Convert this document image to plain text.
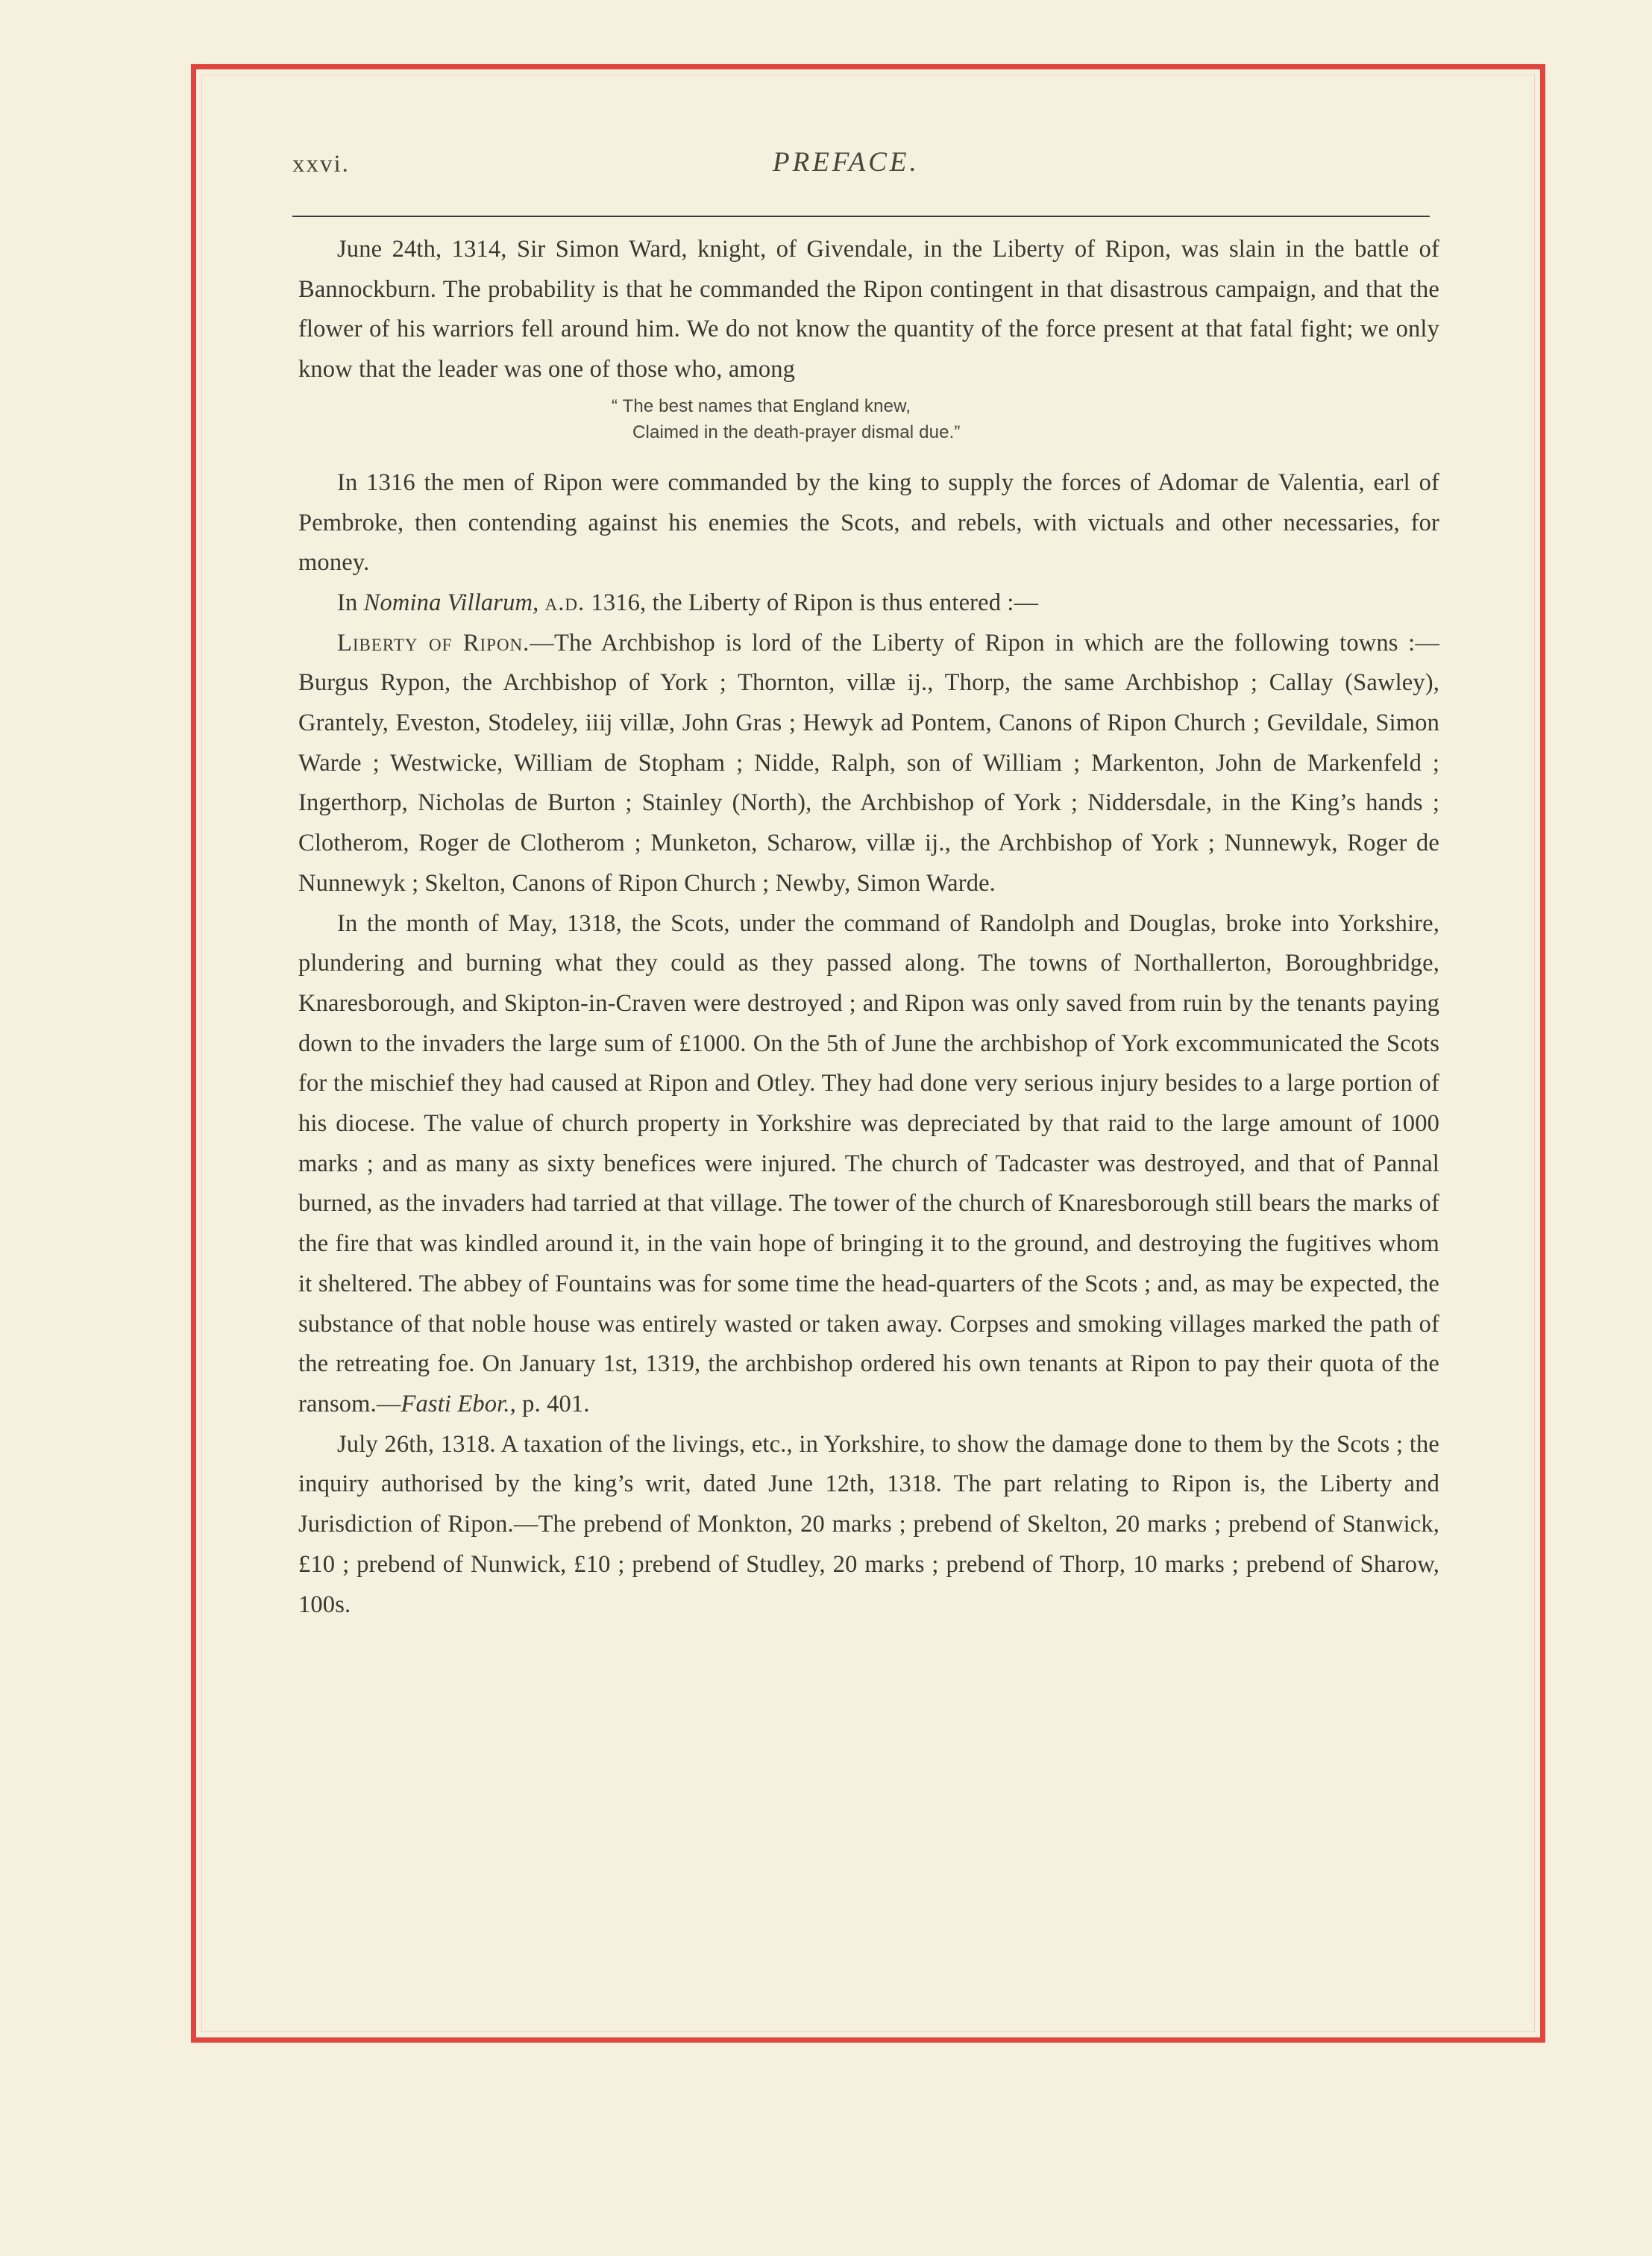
xxvi.	PREFACE.

June 24th, 1314, Sir Simon Ward, knight, of Givendale, in the Liberty of Ripon, was slain in the battle of Bannockburn. The probability is that he commanded the Ripon contingent in that disastrous campaign, and that the flower of his warriors fell around him. We do not know the quantity of the force present at that fatal fight; we only know that the leader was one of those who, among

“ The best names that England knew,
Claimed in the death-prayer dismal due.”

In 1316 the men of Ripon were commanded by the king to supply the forces of Adomar de Valentia, earl of Pembroke, then contending against his enemies the Scots, and rebels, with victuals and other necessaries, for money.

In Nomina Villarum, a.d. 1316, the Liberty of Ripon is thus entered :—

Liberty of Ripon.—The Archbishop is lord of the Liberty of Ripon in which are the following towns :—Burgus Rypon, the Archbishop of York ; Thornton, villæ ij., Thorp, the same Archbishop ; Callay (Sawley), Grantely, Eveston, Stodeley, iiij villæ, John Gras ; Hewyk ad Pontem, Canons of Ripon Church ; Gevildale, Simon Warde ; Westwicke, William de Stopham ; Nidde, Ralph, son of William ; Markenton, John de Markenfeld ; Ingerthorp, Nicholas de Burton ; Stainley (North), the Archbishop of York ; Niddersdale, in the King’s hands ; Clotherom, Roger de Clotherom ; Munketon, Scharow, villæ ij., the Archbishop of York ; Nunnewyk, Roger de Nunnewyk ; Skelton, Canons of Ripon Church ; Newby, Simon Warde.

In the month of May, 1318, the Scots, under the command of Randolph and Douglas, broke into Yorkshire, plundering and burning what they could as they passed along. The towns of Northallerton, Boroughbridge, Knaresborough, and Skipton-in-Craven were destroyed ; and Ripon was only saved from ruin by the tenants paying down to the invaders the large sum of £1000. On the 5th of June the archbishop of York excommunicated the Scots for the mischief they had caused at Ripon and Otley. They had done very serious injury besides to a large portion of his diocese. The value of church property in Yorkshire was depreciated by that raid to the large amount of 1000 marks ; and as many as sixty benefices were injured. The church of Tadcaster was destroyed, and that of Pannal burned, as the invaders had tarried at that village. The tower of the church of Knaresborough still bears the marks of the fire that was kindled around it, in the vain hope of bringing it to the ground, and destroying the fugitives whom it sheltered. The abbey of Fountains was for some time the head-quarters of the Scots ; and, as may be expected, the substance of that noble house was entirely wasted or taken away. Corpses and smoking villages marked the path of the retreating foe. On January 1st, 1319, the archbishop ordered his own tenants at Ripon to pay their quota of the ransom.—Fasti Ebor., p. 401.

July 26th, 1318. A taxation of the livings, etc., in Yorkshire, to show the damage done to them by the Scots ; the inquiry authorised by the king’s writ, dated June 12th, 1318. The part relating to Ripon is, the Liberty and Jurisdiction of Ripon.—The prebend of Monkton, 20 marks ; prebend of Skelton, 20 marks ; prebend of Stanwick, £10 ; prebend of Nunwick, £10 ; prebend of Studley, 20 marks ; prebend of Thorp, 10 marks ; prebend of Sharow, 100s.
